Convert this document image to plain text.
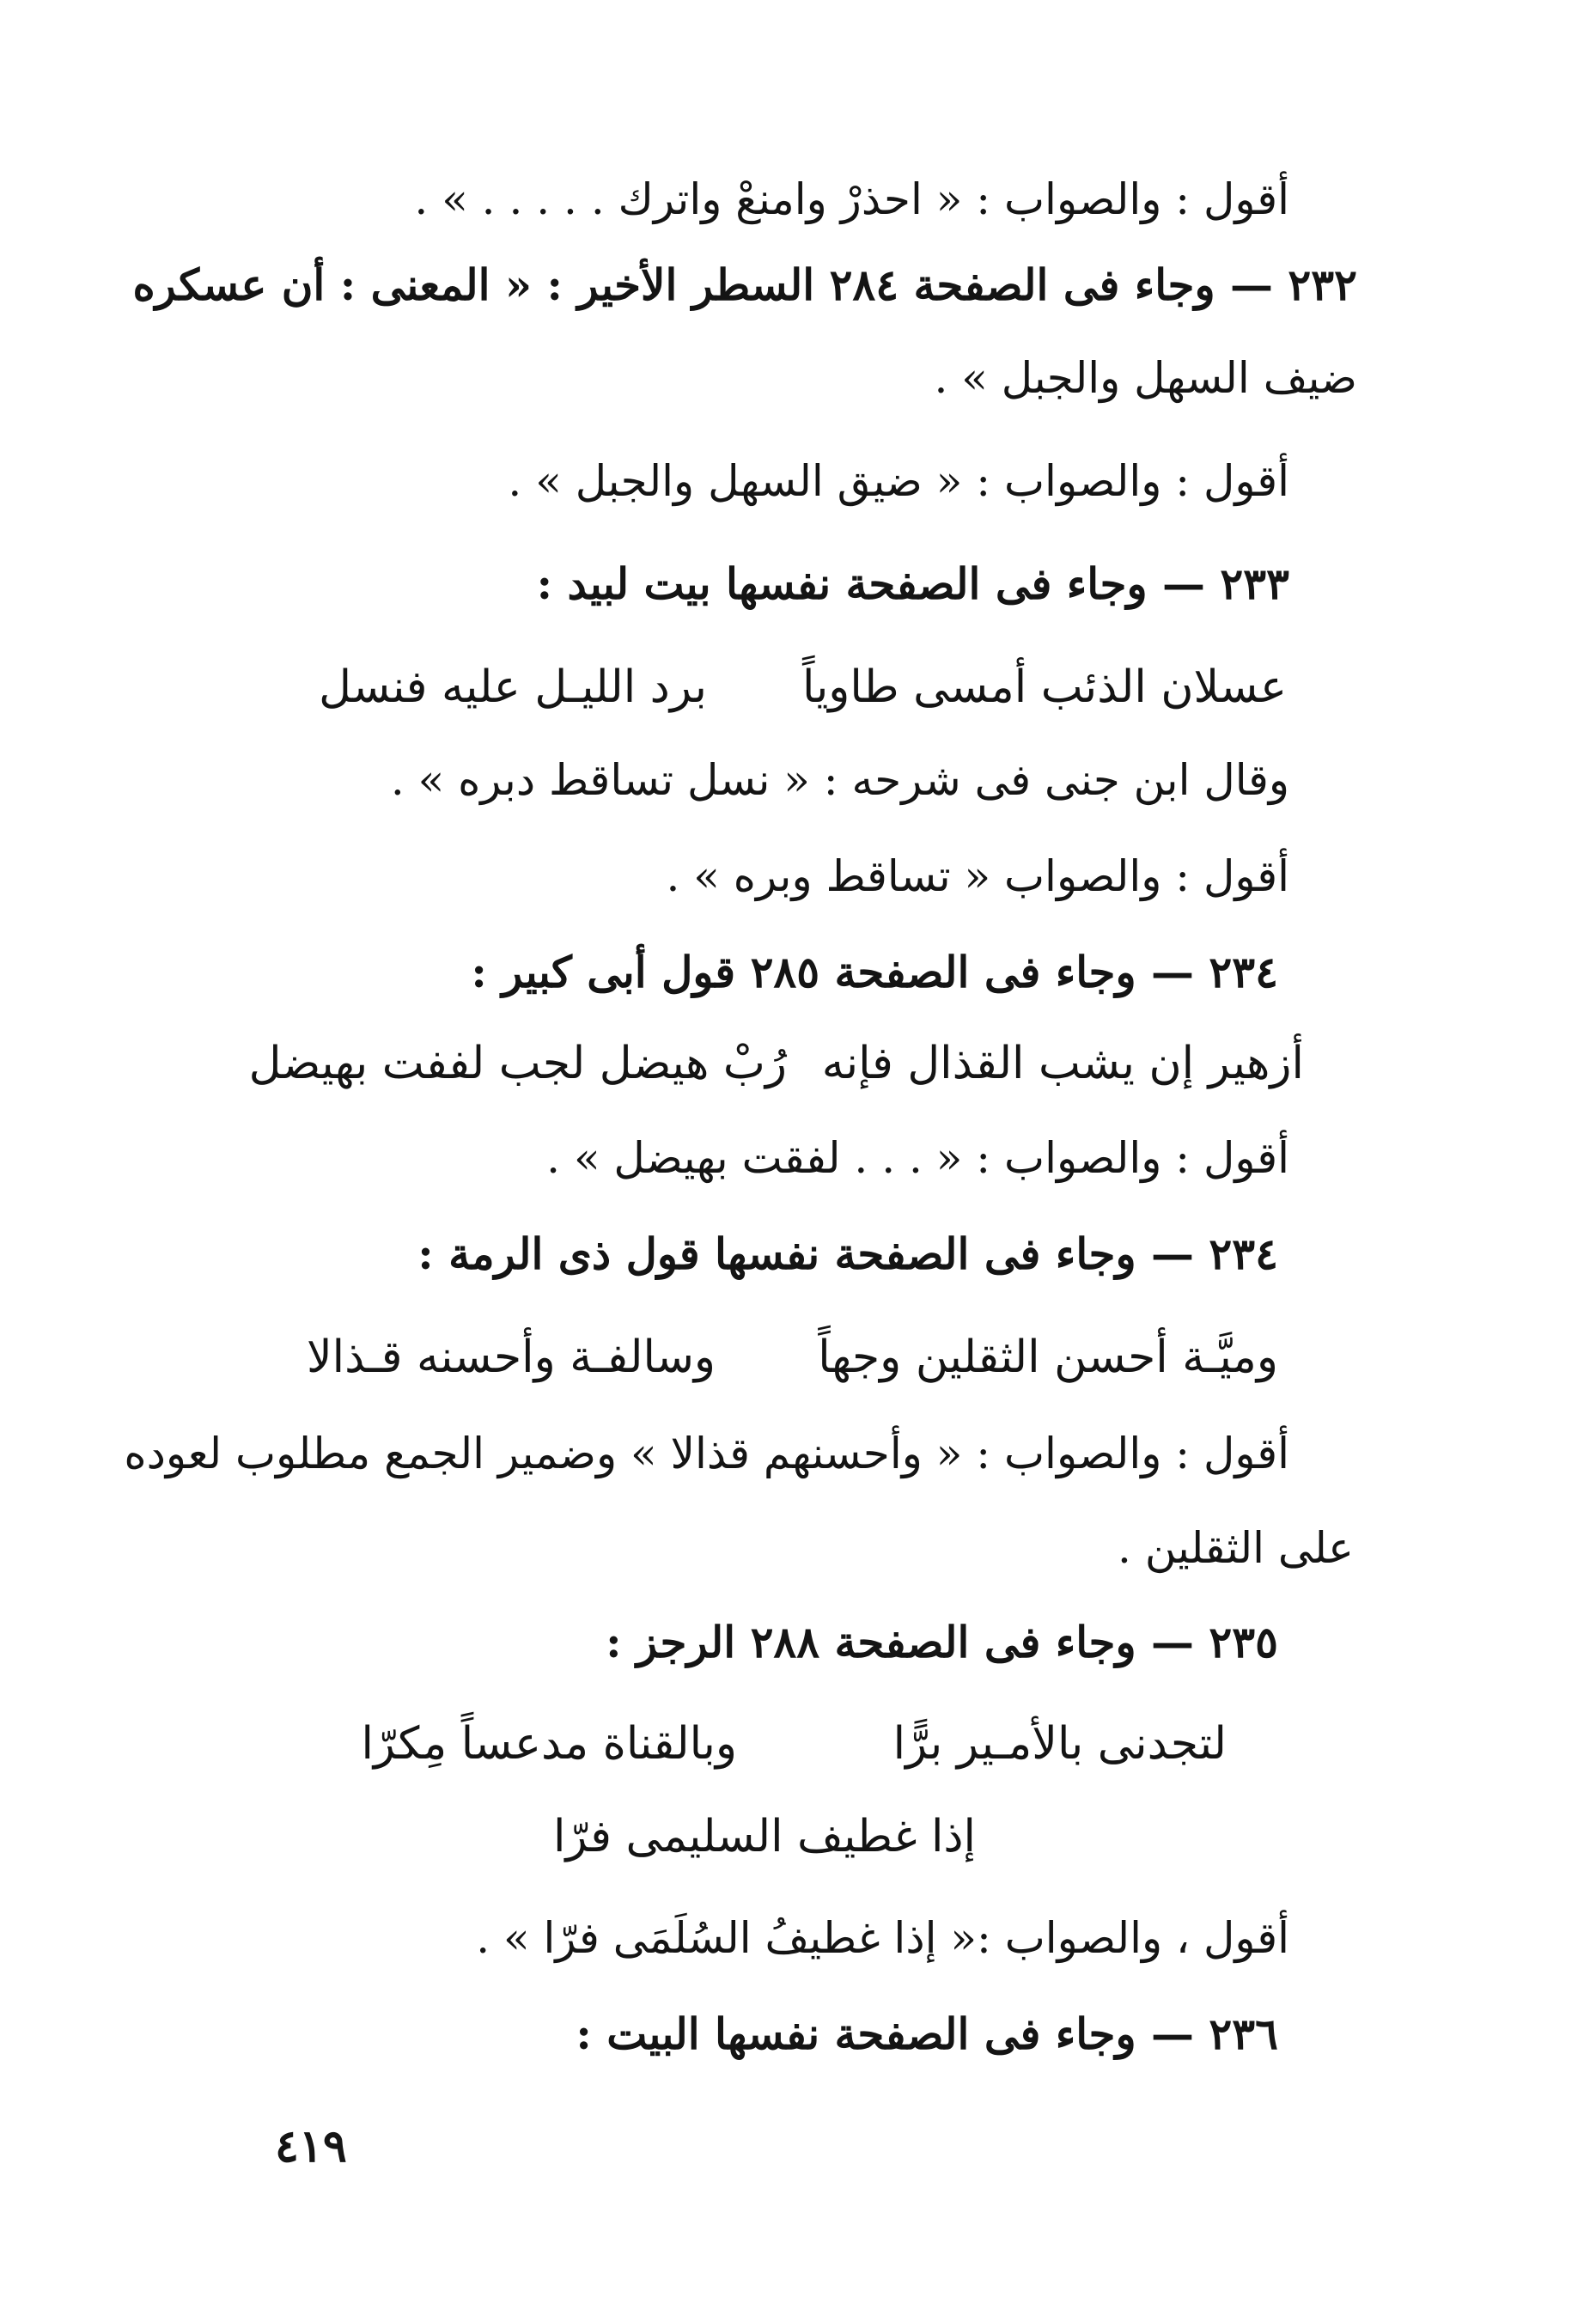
أقول : والصواب : « احذرْ وامنعْ واترك . . . . . » .
٢٣٢ — وجاء فى الصفحة ٢٨٤ السطر الأخير : « المعنى : أن عسكره
ضيف السهل والجبل » .
أقول : والصواب : « ضيق السهل والجبل » .
٢٣٣ — وجاء فى الصفحة نفسها بيت لبيد :
عسلان الذئب أمسى طاوياً
برد الليـل عليه فنسل
وقال ابن جنى فى شرحه : « نسل تساقط دبره » .
أقول : والصواب « تساقط وبره » .
٢٣٤ — وجاء فى الصفحة ٢٨٥ قول أبى كبير :
أزهير إن يشب القذال فإنه
رُبْ هيضل لجب لففت بهيضل
أقول : والصواب : « . . . لفقت بهيضل » .
٢٣٤ — وجاء فى الصفحة نفسها قول ذى الرمة :
وميَّـة أحسن الثقلين وجهاً
وسالفـة وأحسنه قـذالا
أقول : والصواب : « وأحسنهم قذالا » وضمير الجمع مطلوب لعوده
على الثقلين .
٢٣٥ — وجاء فى الصفحة ٢٨٨ الرجز :
لتجدنى بالأمـير برًّا
وبالقناة مدعساً مِكرّا
إذا غطيف السليمى فرّا
أقول ، والصواب :« إذا غطيفُ السُلَمَى فرّا » .
٢٣٦ — وجاء فى الصفحة نفسها البيت :
٤١٩
